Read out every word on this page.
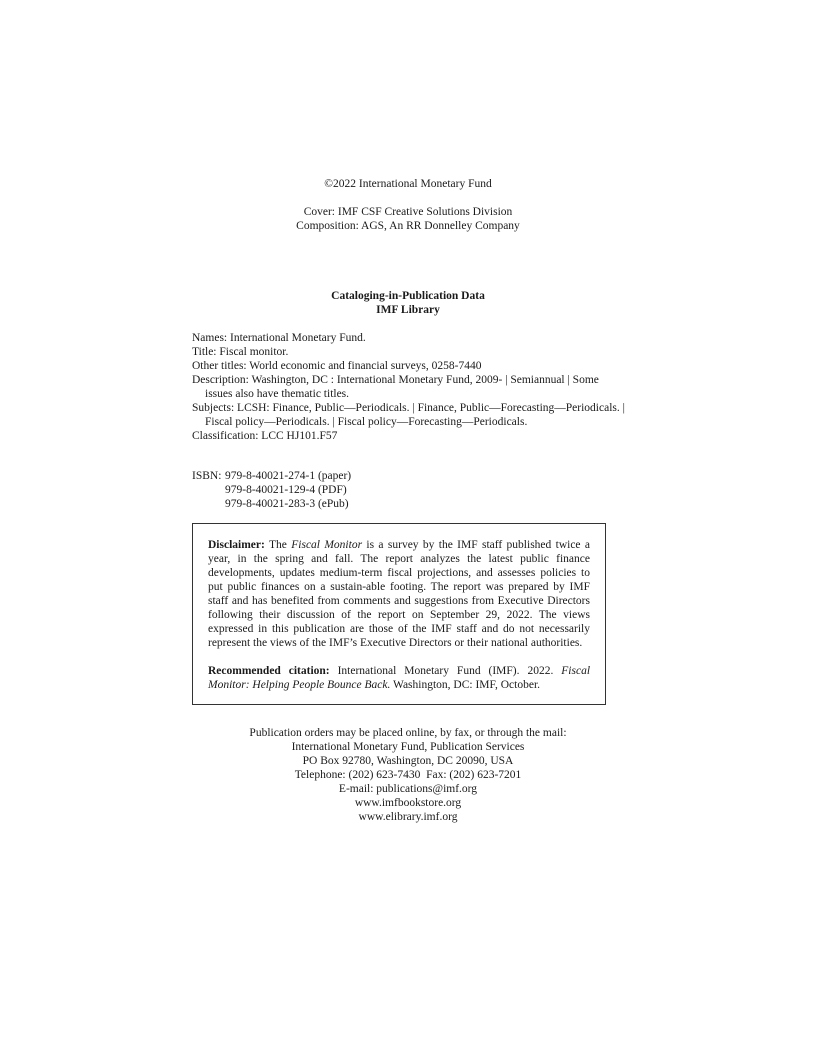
©2022 International Monetary Fund
Cover: IMF CSF Creative Solutions Division
Composition: AGS, An RR Donnelley Company
Cataloging-in-Publication Data
IMF Library
Names: International Monetary Fund.
Title: Fiscal monitor.
Other titles: World economic and financial surveys, 0258-7440
Description: Washington, DC : International Monetary Fund, 2009- | Semiannual | Some
issues also have thematic titles.
Subjects: LCSH: Finance, Public—Periodicals. | Finance, Public—Forecasting—Periodicals. |
Fiscal policy—Periodicals. | Fiscal policy—Forecasting—Periodicals.
Classification: LCC HJ101.F57
ISBN: 979-8-40021-274-1 (paper)
979-8-40021-129-4 (PDF)
979-8-40021-283-3 (ePub)

Disclaimer: The Fiscal Monitor is a survey by the IMF staff published twice a year, in the spring and fall. The report analyzes the latest public finance developments, updates medium-term fiscal projections, and assesses policies to put public finances on a sustain-able footing. The report was prepared by IMF staff and has benefited from comments and suggestions from Executive Directors following their discussion of the report on September 29, 2022. The views expressed in this publication are those of the IMF staff and do not necessarily represent the views of the IMF’s Executive Directors or their national authorities.

Recommended citation: International Monetary Fund (IMF). 2022. Fiscal Monitor: Helping People Bounce Back. Washington, DC: IMF, October.

Publication orders may be placed online, by fax, or through the mail:
International Monetary Fund, Publication Services
PO Box 92780, Washington, DC 20090, USA
Telephone: (202) 623-7430  Fax: (202) 623-7201
E-mail: publications@imf.org
www.imfbookstore.org
www.elibrary.imf.org
